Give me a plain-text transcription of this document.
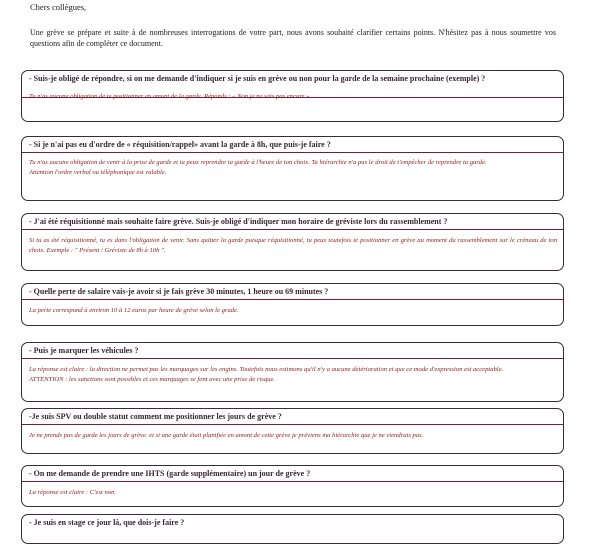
Chers collègues,
Une grève se prépare et suite à de nombreuses interrogations de votre part, nous avons souhaité clarifier certains points. N'hésitez pas à nous soumettre vos questions afin de compléter ce document.
- Suis-je obligé de répondre, si on me demande d'indiquer si je suis en grève ou non pour la garde de la semaine prochaine (exemple) ?
- Si je n'ai pas eu d'ordre de « réquisition/rappel» avant la garde à 8h, que puis-je faire ?
Tu n'as aucune obligation de venir à la prise de garde et tu peux reprendre ta garde à l'heure de ton choix. Ta hiérarchie n'a pas le droit de t'empêcher de reprendre ta garde.
Attention l'ordre verbal ou téléphonique est valable.
- J'ai été réquisitionné mais souhaite faire grève. Suis-je obligé d'indiquer mon horaire de gréviste lors du rassemblement ?
Si tu as été réquisitionné, tu es dans l'obligation de venir. Sans quitter la garde puisque réquisitionné, tu peux toutefois te positionner en grève au moment du rassemblement sur le créneau de ton choix. Exemple : " Présent / Gréviste de 8h à 10h ".
- Quelle perte de salaire vais-je avoir si je fais grève 30 minutes, 1 heure ou 69 minutes ?
La perte correspond à environ 10 à 12 euros par heure de grève selon le grade.
- Puis je marquer les véhicules ?
La réponse est claire : la direction ne permet pas les marquages sur les engins. Toutefois nous estimons qu'il n'y a aucune détérioration et que ce mode d'expression est acceptable.
ATTENTION : les sanctions sont possibles et ces marquages se font avec une prise de risque.
-Je suis SPV ou double statut comment me positionner les jours de grève ?
Je ne prends pas de garde les jours de grève. et si une garde était planifiée en amont de cette grève je préviens ma hiérarchie que je ne viendrais pas.
- On me demande de prendre une IHTS (garde supplémentaire) un jour de grève ?
La réponse est claire : C'est non.
- Je suis en stage ce jour là, que dois-je faire ?
